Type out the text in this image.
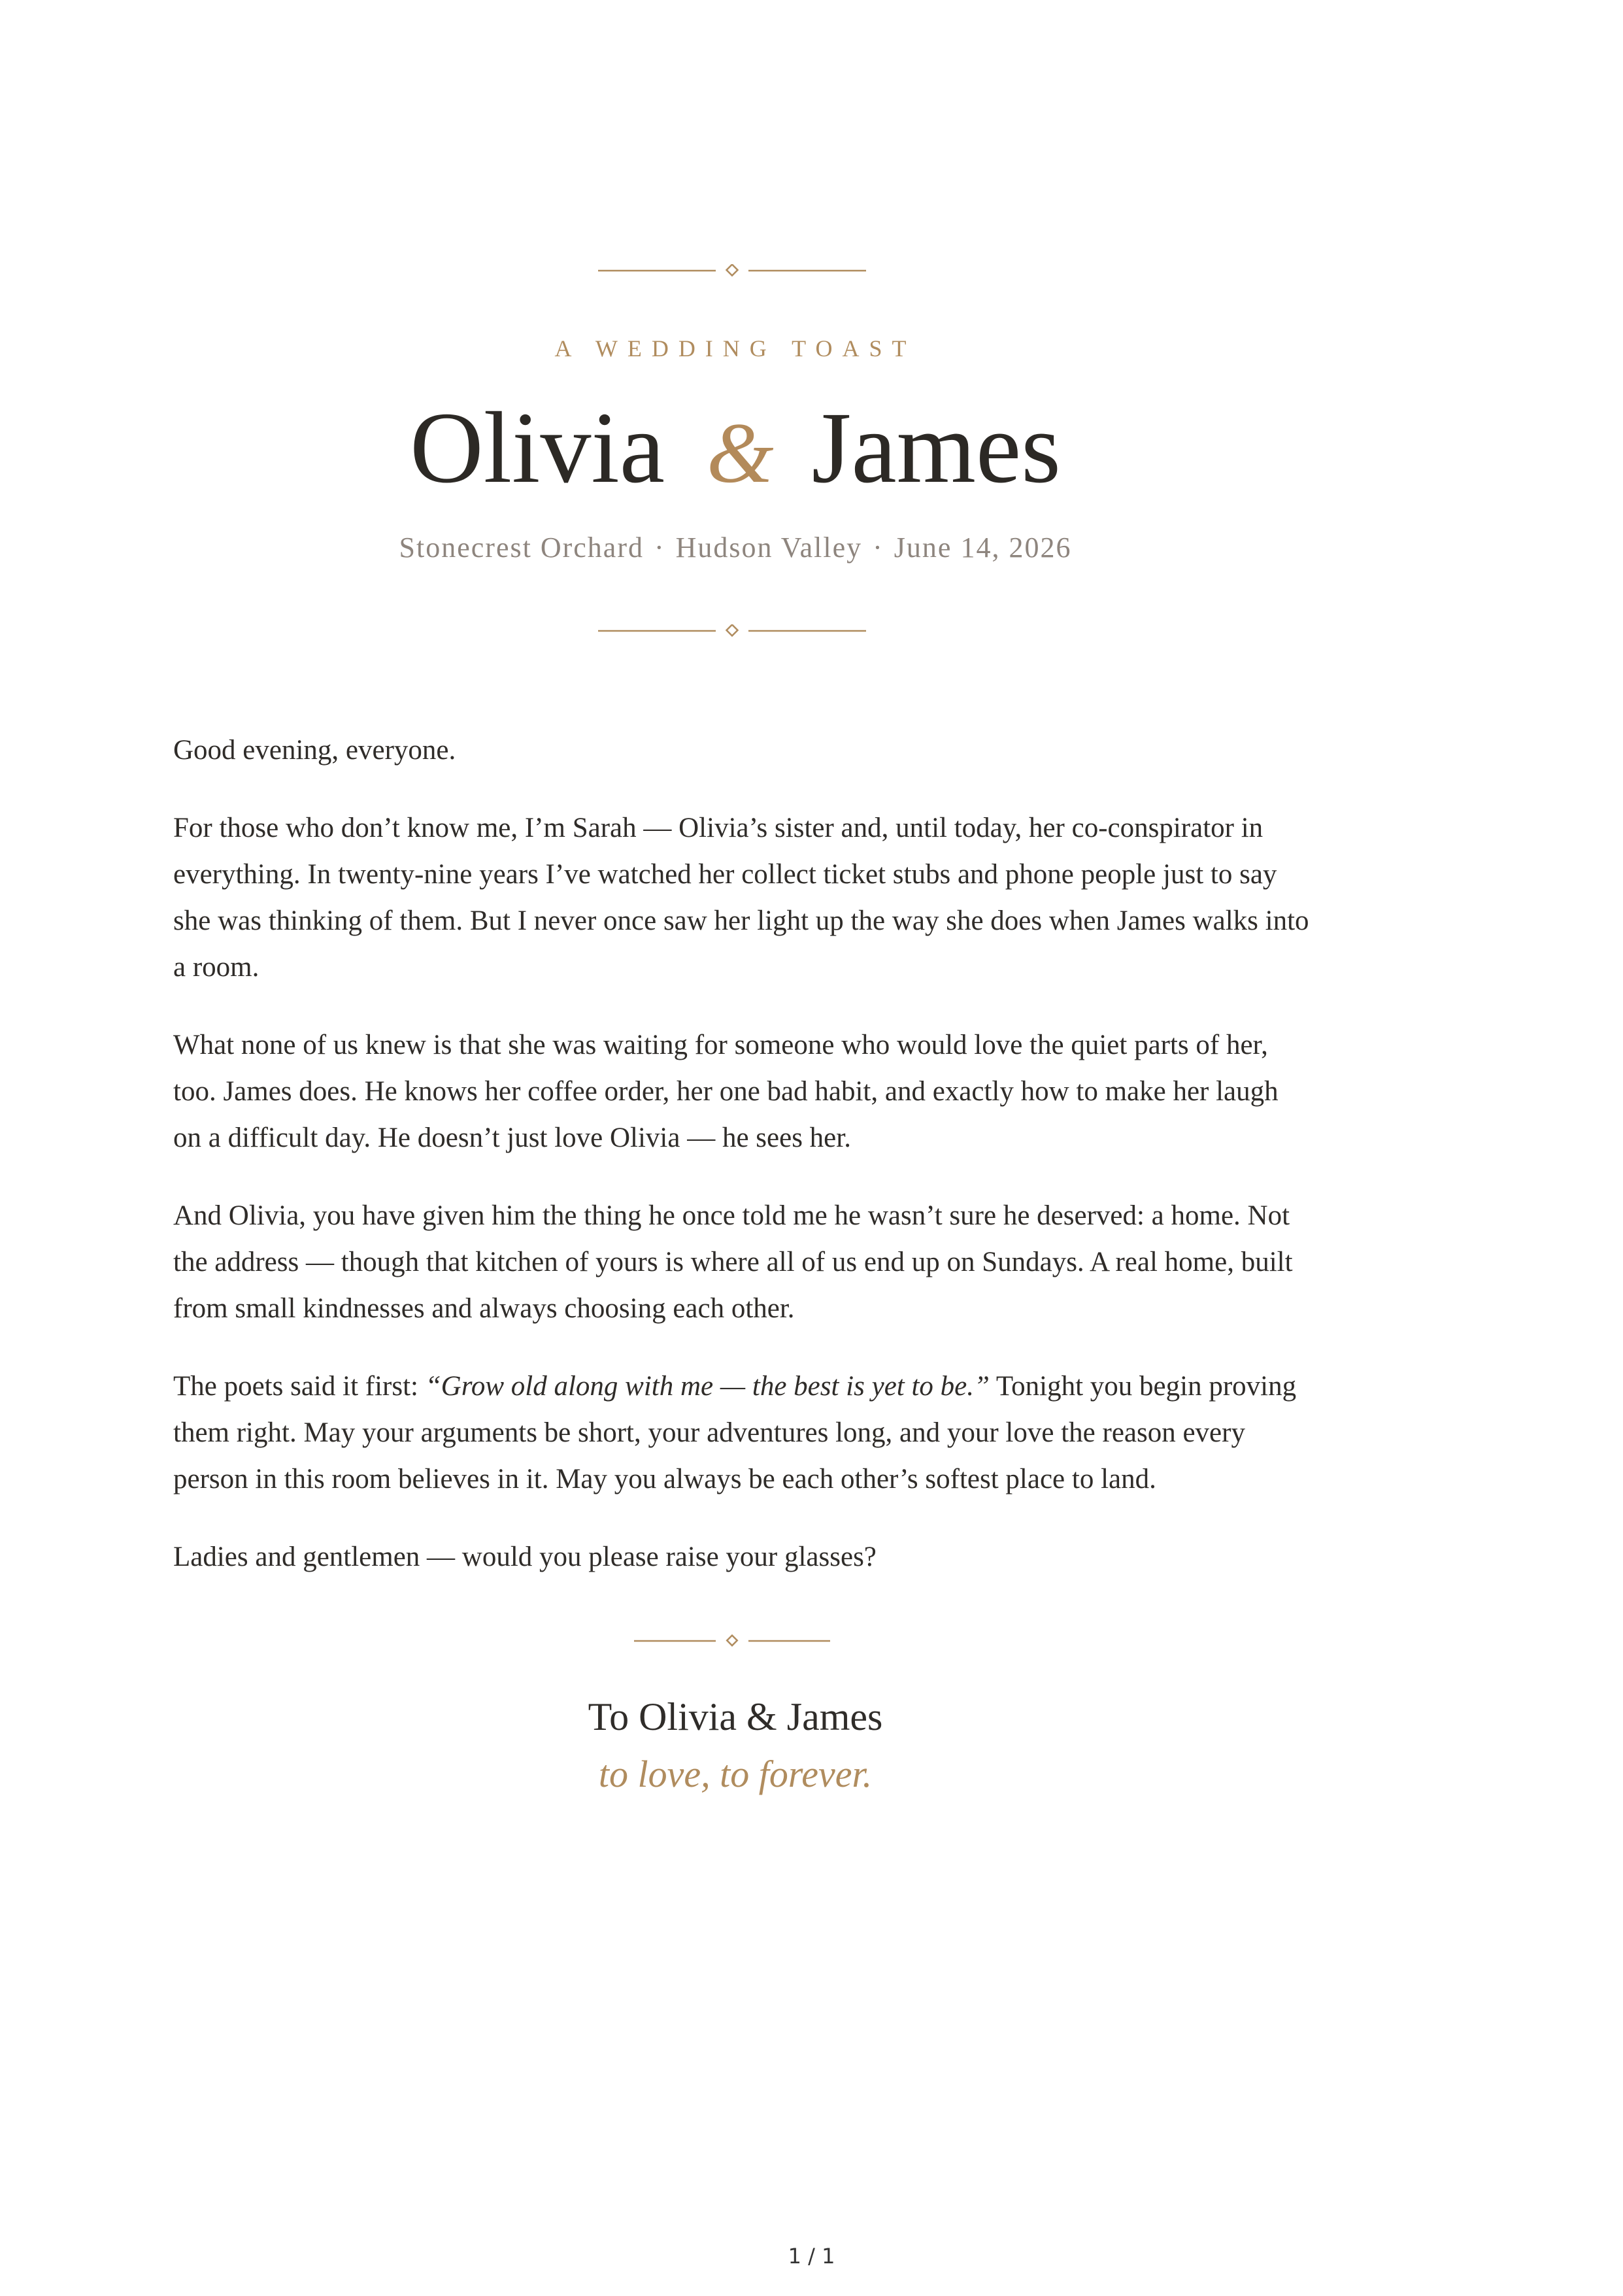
A WEDDING TOAST
Olivia & James
Stonecrest Orchard · Hudson Valley · June 14, 2026

Good evening, everyone.

For those who don’t know me, I’m Sarah — Olivia’s sister and, until today, her co-conspirator in everything. In twenty-nine years I’ve watched her collect ticket stubs and phone people just to say she was thinking of them. But I never once saw her light up the way she does when James walks into a room.

What none of us knew is that she was waiting for someone who would love the quiet parts of her, too. James does. He knows her coffee order, her one bad habit, and exactly how to make her laugh on a difficult day. He doesn’t just love Olivia — he sees her.

And Olivia, you have given him the thing he once told me he wasn’t sure he deserved: a home. Not the address — though that kitchen of yours is where all of us end up on Sundays. A real home, built from small kindnesses and always choosing each other.

The poets said it first: “Grow old along with me — the best is yet to be.” Tonight you begin proving them right. May your arguments be short, your adventures long, and your love the reason every person in this room believes in it. May you always be each other’s softest place to land.

Ladies and gentlemen — would you please raise your glasses?

To Olivia & James
to love, to forever.
1 / 1
